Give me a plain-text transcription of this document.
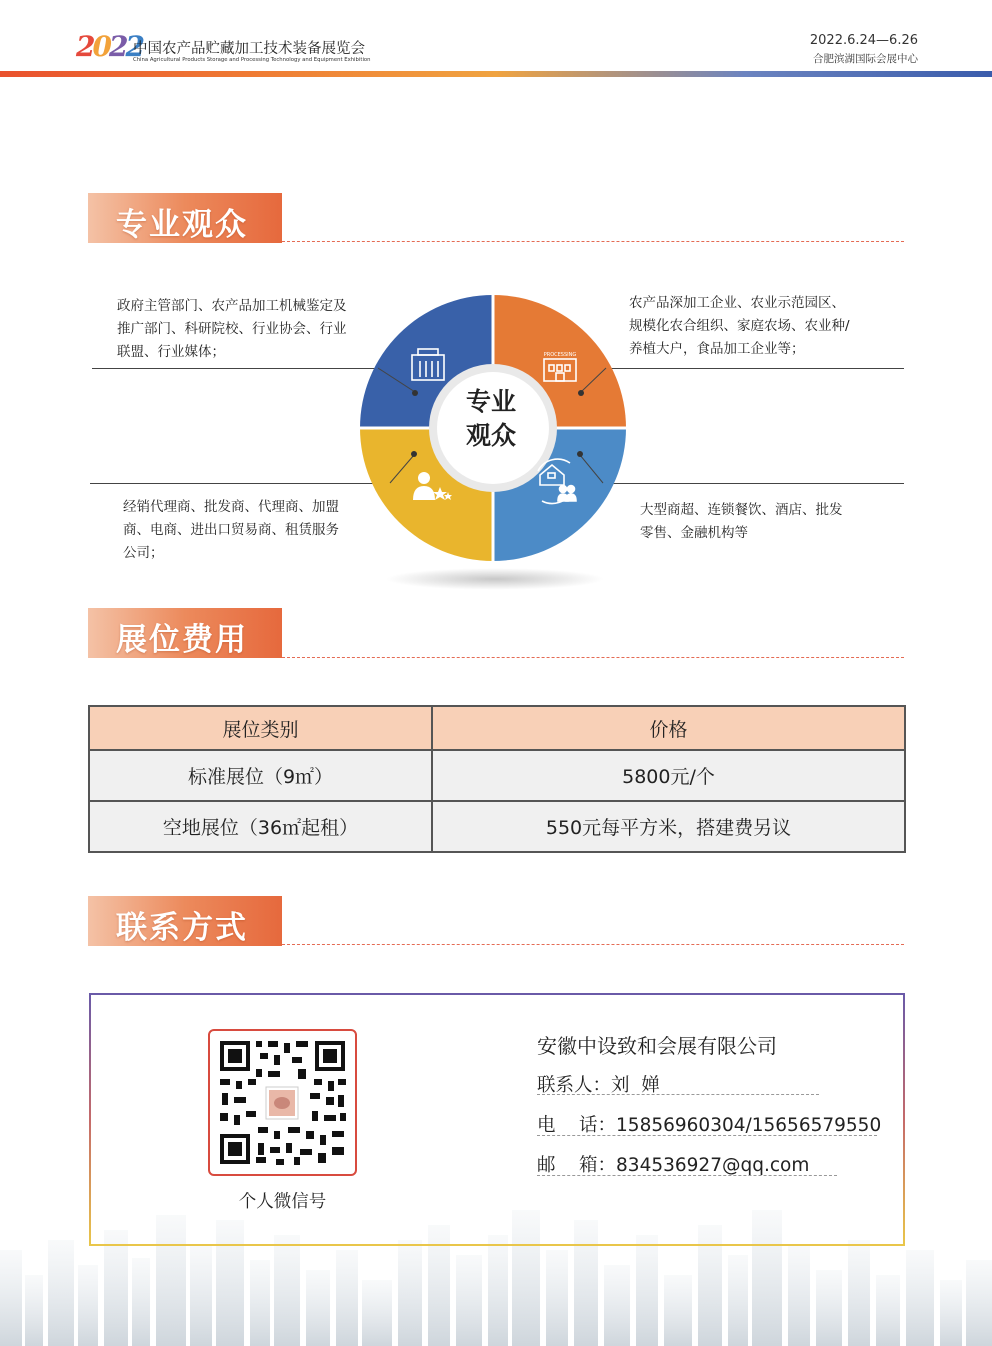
2022
中国农产品贮藏加工技术装备展览会
China Agricultural Products Storage and Processing Technology and Equipment Exhibition
2022.6.24—6.26
合肥滨湖国际会展中心
专业观众
政府主管部门、农产品加工机械鉴定及
推广部门、科研院校、行业协会、行业
联盟、行业媒体；
农产品深加工企业、农业示范园区、
规模化农合组织、家庭农场、农业种/
养植大户，食品加工企业等；
经销代理商、批发商、代理商、加盟
商、电商、进出口贸易商、租赁服务
公司；
大型商超、连锁餐饮、酒店、批发
零售、金融机构等
PROCESSING
专业
观众
展位费用
展位类别	价格
标准展位（9㎡）	5800元/个
空地展位（36㎡起租）	550元每平方米，搭建费另议
联系方式
个人微信号
安徽中设致和会展有限公司
联系人：刘  婵
电    话：15856960304/15656579550
邮    箱：834536927@qq.com
